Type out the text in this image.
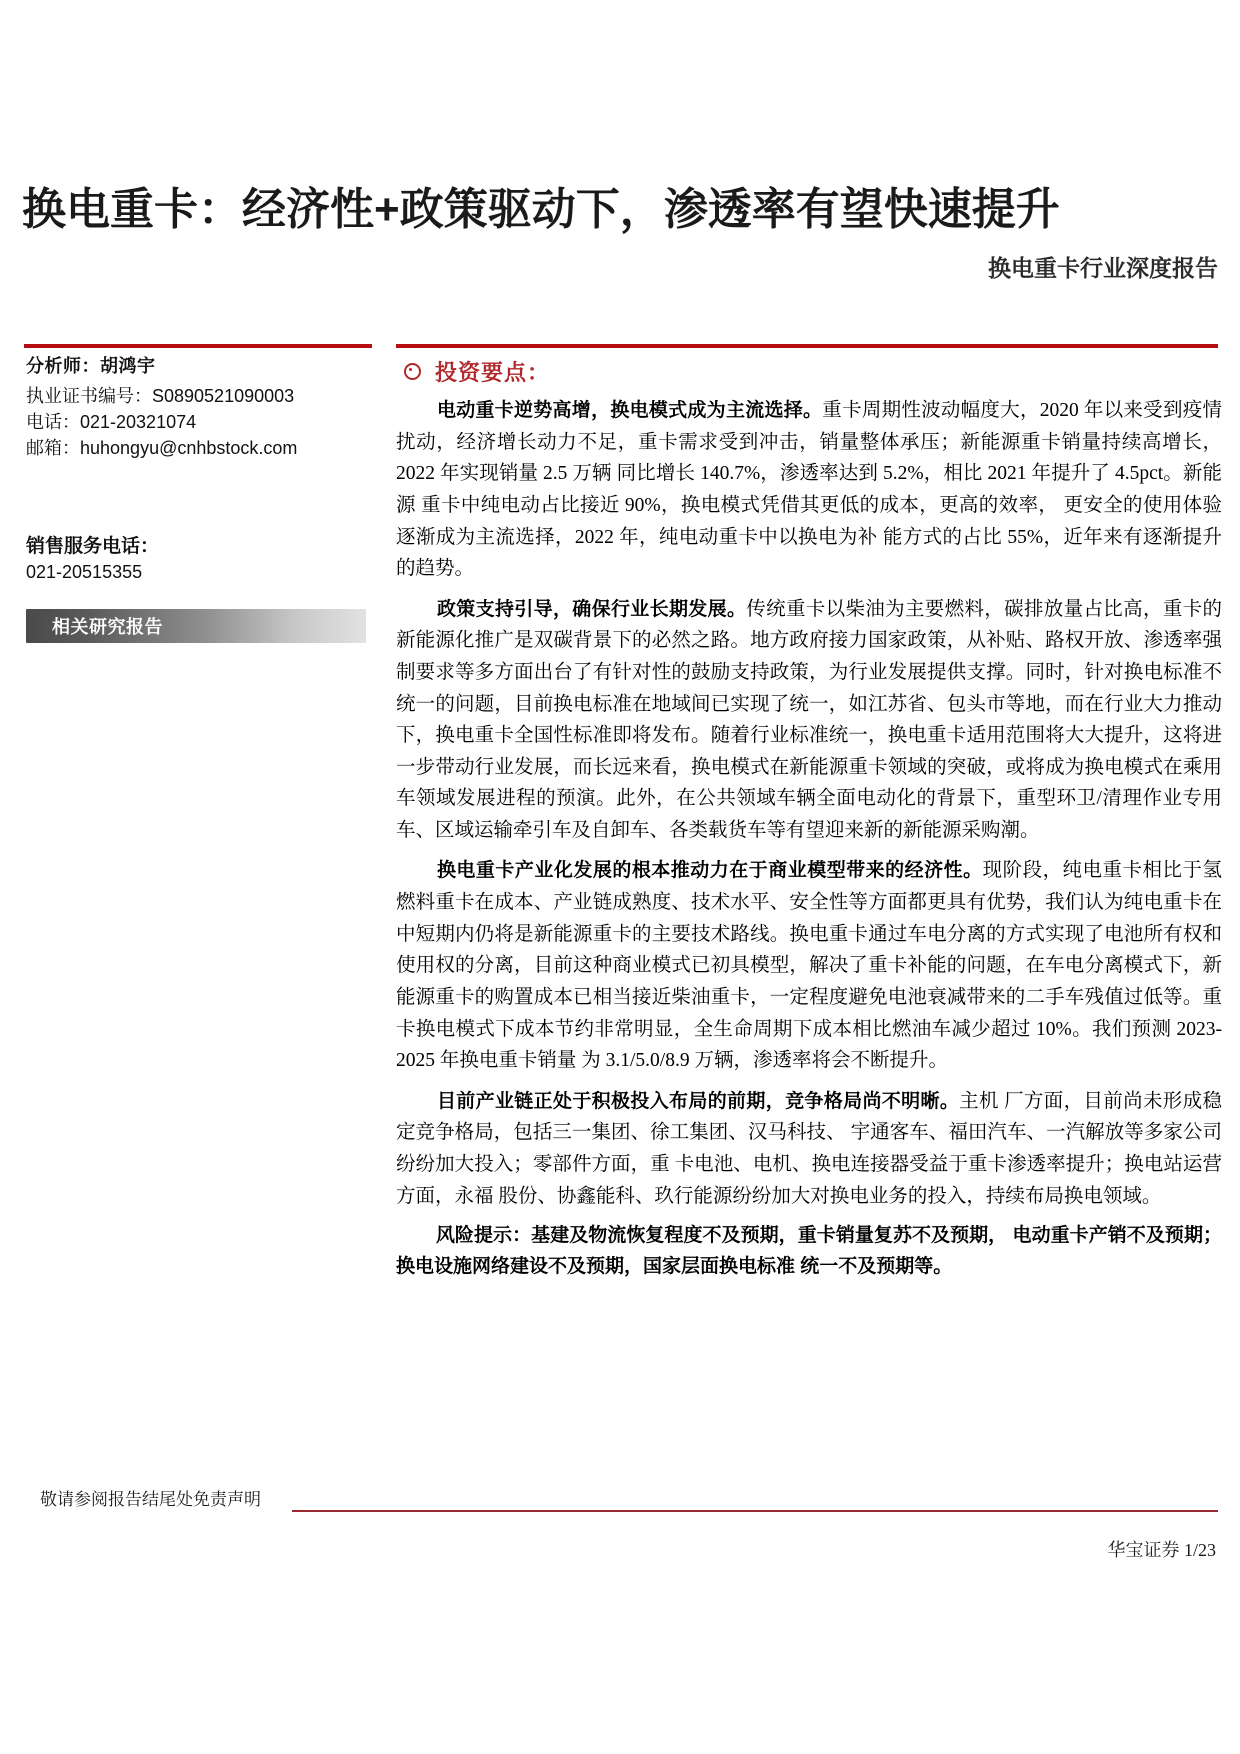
换电重卡：经济性+政策驱动下，渗透率有望快速提升
换电重卡行业深度报告

分析师：胡鸿宇

执业证书编号：S0890521090003

电话：021-20321074

邮箱：huhongyu@cnhbstock.com

销售服务电话：

021-20515355

相关研究报告
投资要点：

电动重卡逆势高增，换电模式成为主流选择。重卡周期性波动幅度大，2020 年以来受到疫情扰动，经济增长动力不足，重卡需求受到冲击，销量整体承压；新能源重卡销量持续高增长，2022 年实现销量 2.5 万辆 同比增长 140.7%，渗透率达到 5.2%，相比 2021 年提升了 4.5pct。新能源 重卡中纯电动占比接近 90%，换电模式凭借其更低的成本，更高的效率， 更安全的使用体验逐渐成为主流选择，2022 年，纯电动重卡中以换电为补 能方式的占比 55%，近年来有逐渐提升的趋势。

政策支持引导，确保行业长期发展。传统重卡以柴油为主要燃料，碳排放量占比高，重卡的新能源化推广是双碳背景下的必然之路。地方政府接力国家政策，从补贴、路权开放、渗透率强制要求等多方面出台了有针对性的鼓励支持政策，为行业发展提供支撑。同时，针对换电标准不统一的问题，目前换电标准在地域间已实现了统一，如江苏省、包头市等地，而在行业大力推动下，换电重卡全国性标准即将发布。随着行业标准统一，换电重卡适用范围将大大提升，这将进一步带动行业发展，而长远来看，换电模式在新能源重卡领域的突破，或将成为换电模式在乘用车领域发展进程的预演。此外，在公共领域车辆全面电动化的背景下，重型环卫/清理作业专用车、区域运输牵引车及自卸车、各类载货车等有望迎来新的新能源采购潮。

换电重卡产业化发展的根本推动力在于商业模型带来的经济性。现阶段，纯电重卡相比于氢燃料重卡在成本、产业链成熟度、技术水平、安全性等方面都更具有优势，我们认为纯电重卡在中短期内仍将是新能源重卡的主要技术路线。换电重卡通过车电分离的方式实现了电池所有权和使用权的分离，目前这种商业模式已初具模型，解决了重卡补能的问题，在车电分离模式下，新能源重卡的购置成本已相当接近柴油重卡，一定程度避免电池衰减带来的二手车残值过低等。重卡换电模式下成本节约非常明显，全生命周期下成本相比燃油车减少超过 10%。我们预测 2023-2025 年换电重卡销量 为 3.1/5.0/8.9 万辆，渗透率将会不断提升。

目前产业链正处于积极投入布局的前期，竞争格局尚不明晰。主机 厂方面，目前尚未形成稳定竞争格局，包括三一集团、徐工集团、汉马科技、 宇通客车、福田汽车、一汽解放等多家公司纷纷加大投入；零部件方面，重 卡电池、电机、换电连接器受益于重卡渗透率提升；换电站运营方面，永福 股份、协鑫能科、玖行能源纷纷加大对换电业务的投入，持续布局换电领域。

风险提示：基建及物流恢复程度不及预期，重卡销量复苏不及预期， 电动重卡产销不及预期；换电设施网络建设不及预期，国家层面换电标准 统一不及预期等。

敬请参阅报告结尾处免责声明
华宝证券 1/23
